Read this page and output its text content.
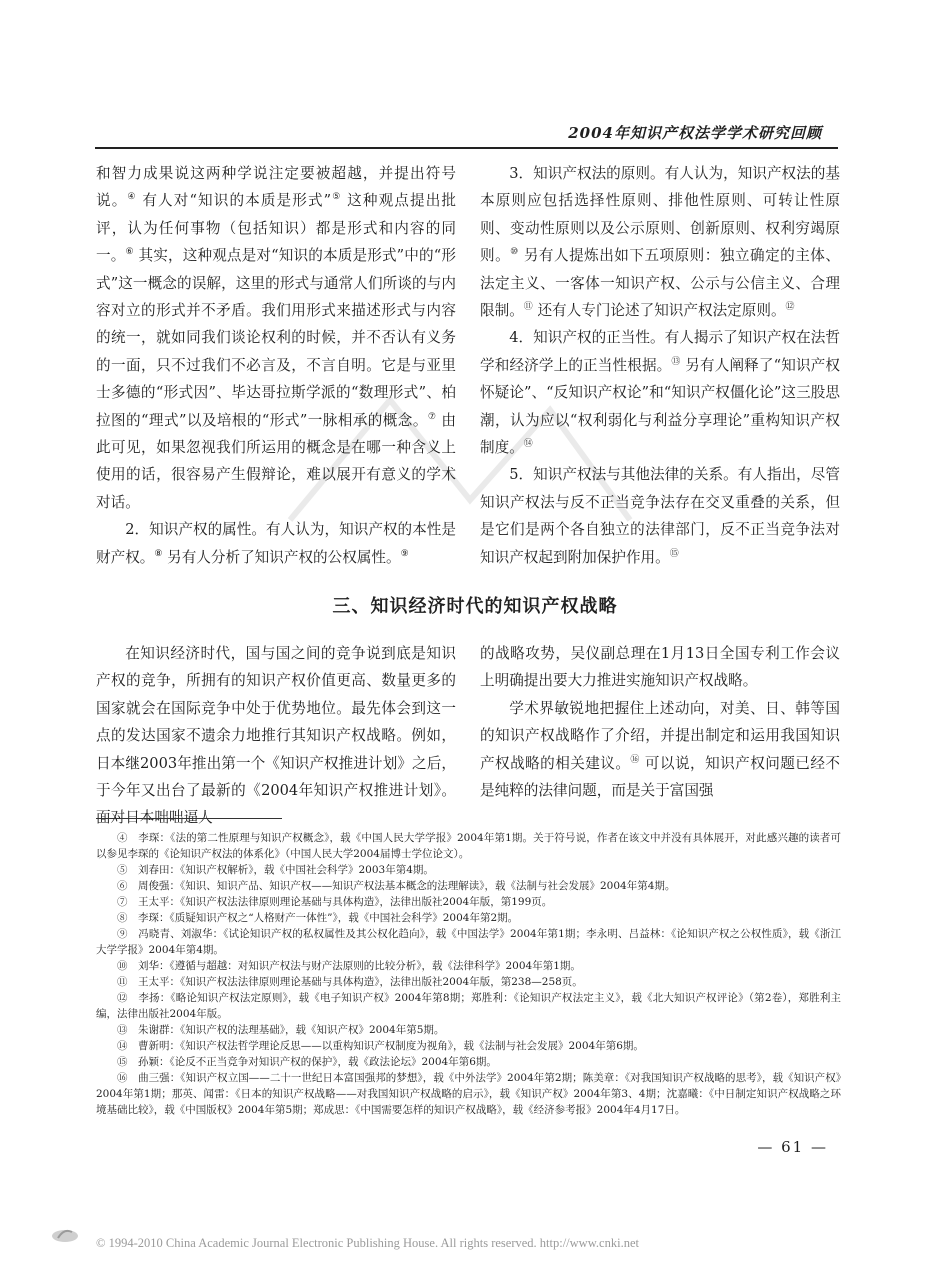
2004年知识产权法学学术研究回顾

和智力成果说这两种学说注定要被超越，并提出符号说。④ 有人对“知识的本质是形式”⑤ 这种观点提出批评，认为任何事物（包括知识）都是形式和内容的同一。⑥ 其实，这种观点是对“知识的本质是形式”中的“形式”这一概念的误解，这里的形式与通常人们所谈的与内容对立的形式并不矛盾。我们用形式来描述形式与内容的统一，就如同我们谈论权利的时候，并不否认有义务的一面，只不过我们不必言及，不言自明。它是与亚里士多德的“形式因”、毕达哥拉斯学派的“数理形式”、柏拉图的“理式”以及培根的“形式”一脉相承的概念。⑦ 由此可见，如果忽视我们所运用的概念是在哪一种含义上使用的话，很容易产生假辩论，难以展开有意义的学术对话。

2．知识产权的属性。有人认为，知识产权的本性是财产权。⑧ 另有人分析了知识产权的公权属性。⑨

3．知识产权法的原则。有人认为，知识产权法的基本原则应包括选择性原则、排他性原则、可转让性原则、变动性原则以及公示原则、创新原则、权利穷竭原则。⑩ 另有人提炼出如下五项原则：独立确定的主体、法定主义、一客体一知识产权、公示与公信主义、合理限制。⑪ 还有人专门论述了知识产权法定原则。⑫

4．知识产权的正当性。有人揭示了知识产权在法哲学和经济学上的正当性根据。⑬ 另有人阐释了“知识产权怀疑论”、“反知识产权论”和“知识产权僵化论”这三股思潮，认为应以“权利弱化与利益分享理论”重构知识产权制度。⑭

5．知识产权法与其他法律的关系。有人指出，尽管知识产权法与反不正当竞争法存在交叉重叠的关系，但是它们是两个各自独立的法律部门，反不正当竞争法对知识产权起到附加保护作用。⑮

三、知识经济时代的知识产权战略

在知识经济时代，国与国之间的竞争说到底是知识产权的竞争，所拥有的知识产权价值更高、数量更多的国家就会在国际竞争中处于优势地位。最先体会到这一点的发达国家不遗余力地推行其知识产权战略。例如，日本继2003年推出第一个《知识产权推进计划》之后，于今年又出台了最新的《2004年知识产权推进计划》。面对日本咄咄逼人

的战略攻势，吴仪副总理在1月13日全国专利工作会议上明确提出要大力推进实施知识产权战略。

学术界敏锐地把握住上述动向，对美、日、韩等国的知识产权战略作了介绍，并提出制定和运用我国知识产权战略的相关建议。⑯ 可以说，知识产权问题已经不是纯粹的法律问题，而是关于富国强

④　李琛：《法的第二性原理与知识产权概念》，载《中国人民大学学报》2004年第1期。关于符号说，作者在该文中并没有具体展开，对此感兴趣的读者可以参见李琛的《论知识产权法的体系化》（中国人民大学2004届博士学位论文）。

⑤　刘春田：《知识产权解析》，载《中国社会科学》2003年第4期。

⑥　周俊强：《知识、知识产品、知识产权——知识产权法基本概念的法理解读》，载《法制与社会发展》2004年第4期。

⑦　王太平：《知识产权法法律原则理论基础与具体构造》，法律出版社2004年版，第199页。

⑧　李琛：《质疑知识产权之“人格财产一体性”》，载《中国社会科学》2004年第2期。

⑨　冯晓青、刘淑华：《试论知识产权的私权属性及其公权化趋向》，载《中国法学》2004年第1期；李永明、吕益林：《论知识产权之公权性质》，载《浙江大学学报》2004年第4期。

⑩　刘华：《遵循与超越：对知识产权法与财产法原则的比较分析》，载《法律科学》2004年第1期。

⑪　王太平：《知识产权法法律原则理论基础与具体构造》，法律出版社2004年版，第238—258页。

⑫　李扬：《略论知识产权法定原则》，载《电子知识产权》2004年第8期；郑胜利：《论知识产权法定主义》，载《北大知识产权评论》（第2卷），郑胜利主编，法律出版社2004年版。

⑬　朱谢群：《知识产权的法理基础》，载《知识产权》2004年第5期。

⑭　曹新明：《知识产权法哲学理论反思——以重构知识产权制度为视角》，载《法制与社会发展》2004年第6期。

⑮　孙颖：《论反不正当竞争对知识产权的保护》，载《政法论坛》2004年第6期。

⑯　曲三强：《知识产权立国——二十一世纪日本富国强邦的梦想》，载《中外法学》2004年第2期；陈美章：《对我国知识产权战略的思考》，载《知识产权》2004年第1期；那英、闻雷：《日本的知识产权战略——对我国知识产权战略的启示》，载《知识产权》2004年第3、4期；沈嘉曦：《中日制定知识产权战略之环境基础比较》，载《中国版权》2004年第5期；郑成思：《中国需要怎样的知识产权战略》，载《经济参考报》2004年4月17日。

— 61 —
© 1994-2010 China Academic Journal Electronic Publishing House. All rights reserved. http://www.cnki.net
